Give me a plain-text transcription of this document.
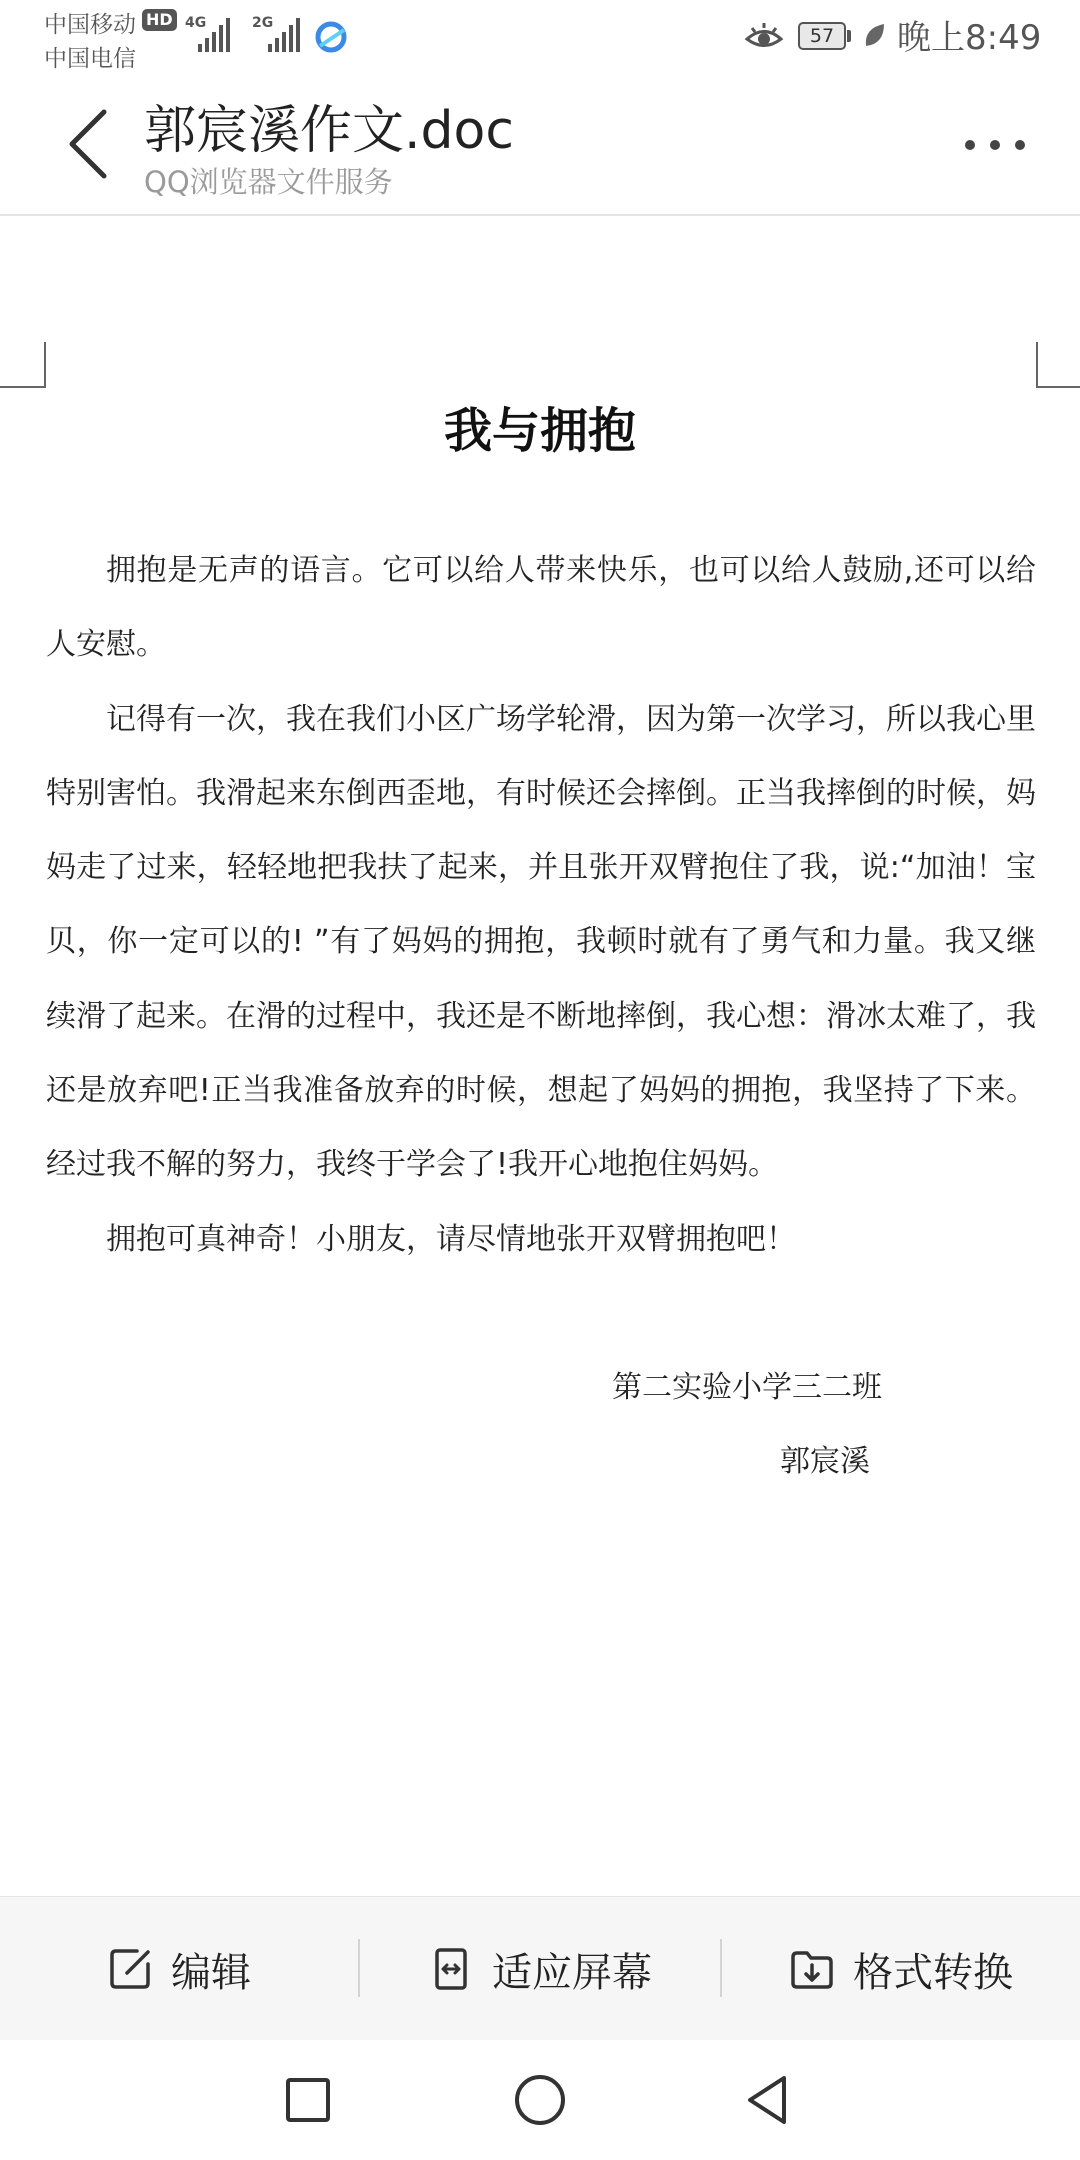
中国移动 HD
中国电信
4G	2G
57	晚上8:49
郭宸溪作文.doc
QQ浏览器文件服务
我与拥抱

拥抱是无声的语言。它可以给人带来快乐，也可以给人鼓励,还可以给人安慰。

记得有一次，我在我们小区广场学轮滑，因为第一次学习，所以我心里特别害怕。我滑起来东倒西歪地，有时候还会摔倒。正当我摔倒的时候，妈妈走了过来，轻轻地把我扶了起来，并且张开双臂抱住了我，说:“加油！宝贝，你一定可以的! ”有了妈妈的拥抱，我顿时就有了勇气和力量。我又继续滑了起来。在滑的过程中，我还是不断地摔倒，我心想：滑冰太难了，我还是放弃吧!正当我准备放弃的时候，想起了妈妈的拥抱，我坚持了下来。经过我不解的努力，我终于学会了!我开心地抱住妈妈。

拥抱可真神奇！小朋友，请尽情地张开双臂拥抱吧！

第二实验小学三二班
郭宸溪
编辑	适应屏幕	格式转换
